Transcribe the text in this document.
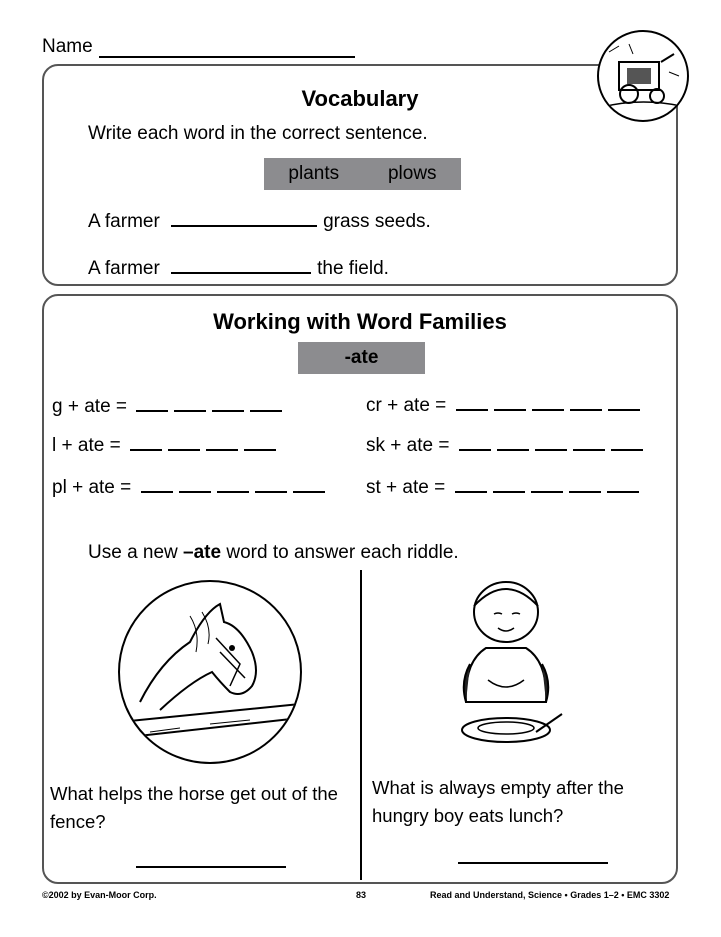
Name
Vocabulary
Write each word in the correct sentence.
plants	plows
A farmer	grass seeds.
A farmer	the field.
Working with Word Families
-ate
g + ate =
l + ate =
pl + ate =
cr + ate =
sk + ate =
st + ate =
Use a new –ate word to answer each riddle.
What helps the horse get out of the fence?
What is always empty after the hungry boy eats lunch?
©2002 by Evan-Moor Corp.	83	Read and Understand, Science • Grades 1–2 • EMC 3302
